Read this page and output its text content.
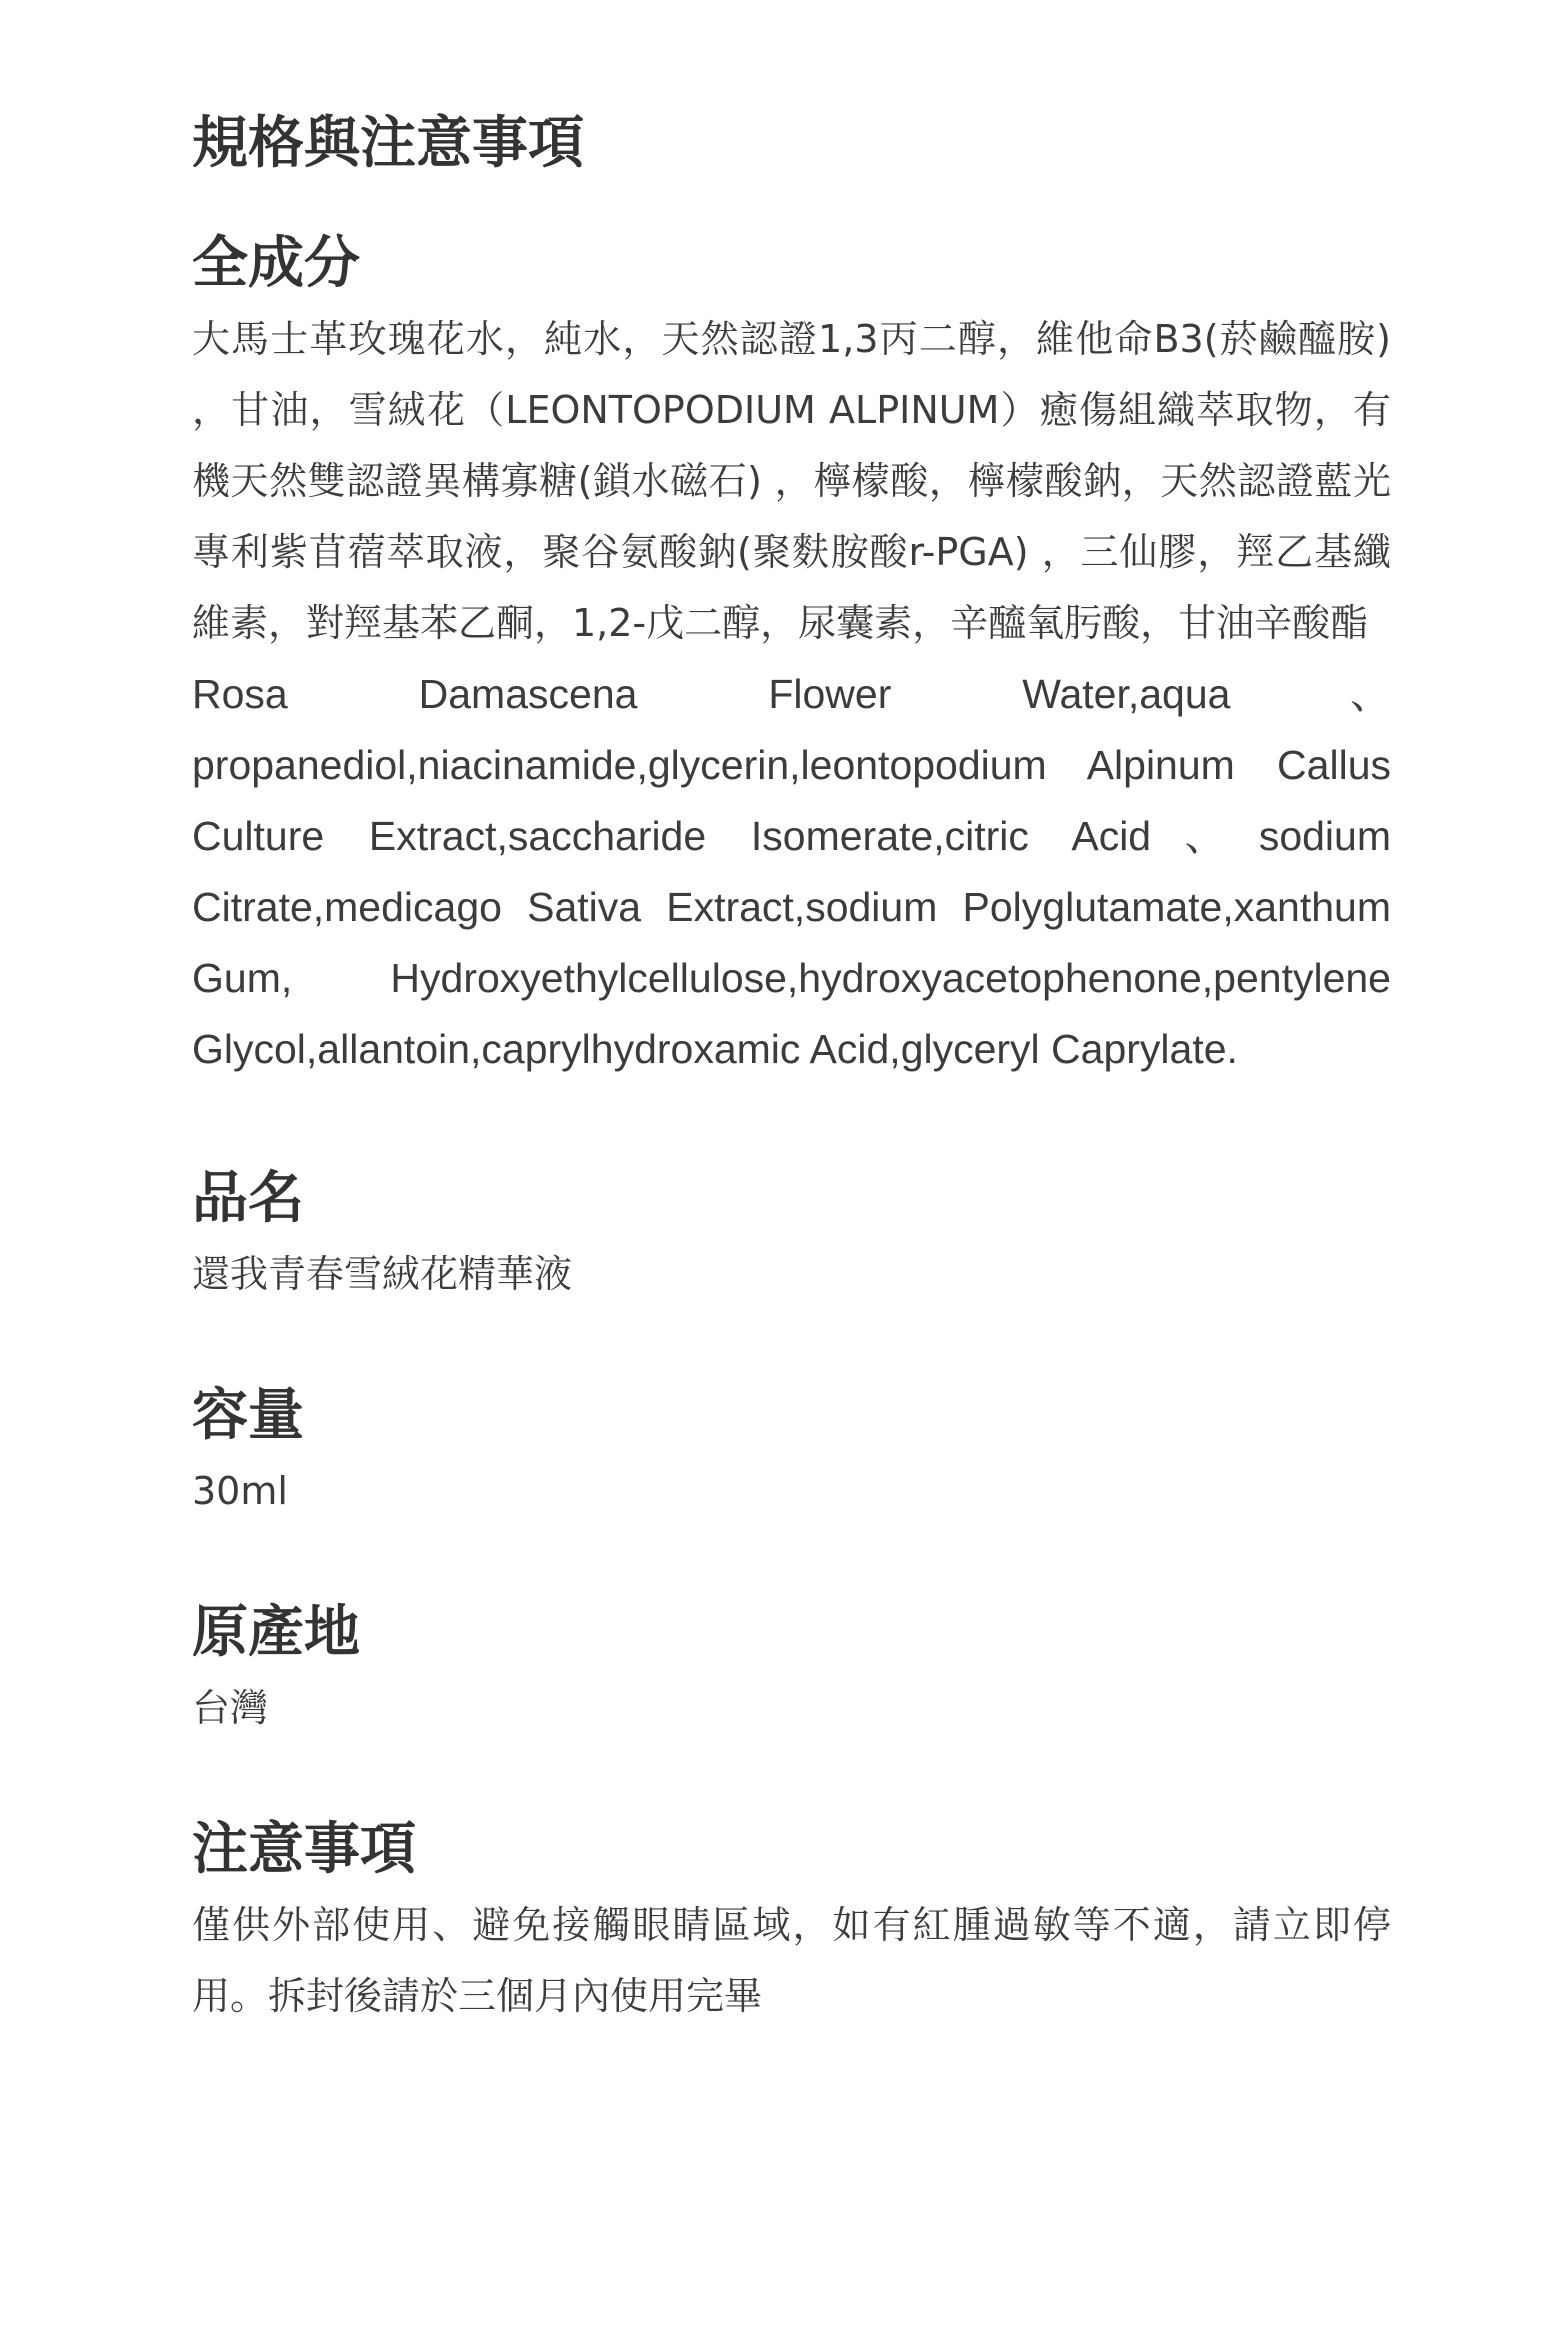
規格與注意事項
全成分

大馬士革玫瑰花水，純水，天然認證1,3丙二醇，維他命B3(菸鹼醯胺) ，甘油，雪絨花（LEONTOPODIUM ALPINUM）癒傷組織萃取物，有機天然雙認證異構寡糖(鎖水磁石) ，檸檬酸，檸檬酸鈉，天然認證藍光專利紫苜蓿萃取液，聚谷氨酸鈉(聚麩胺酸r-PGA) ，三仙膠，羥乙基纖維素，對羥基苯乙酮，1,2-戊二醇，尿囊素，辛醯氧肟酸，甘油辛酸酯

Rosa Damascena Flower Water,aqua、propanediol,niacinamide,glycerin,leontopodium Alpinum Callus Culture Extract,saccharide Isomerate,citric Acid、sodium Citrate,medicago Sativa Extract,sodium Polyglutamate,xanthum Gum, Hydroxyethylcellulose,hydroxyacetophenone,pentylene Glycol,allantoin,caprylhydroxamic Acid,glyceryl Caprylate.

品名

還我青春雪絨花精華液

容量

30ml

原產地

台灣

注意事項

僅供外部使用、避免接觸眼睛區域，如有紅腫過敏等不適，請立即停用。拆封後請於三個月內使用完畢
